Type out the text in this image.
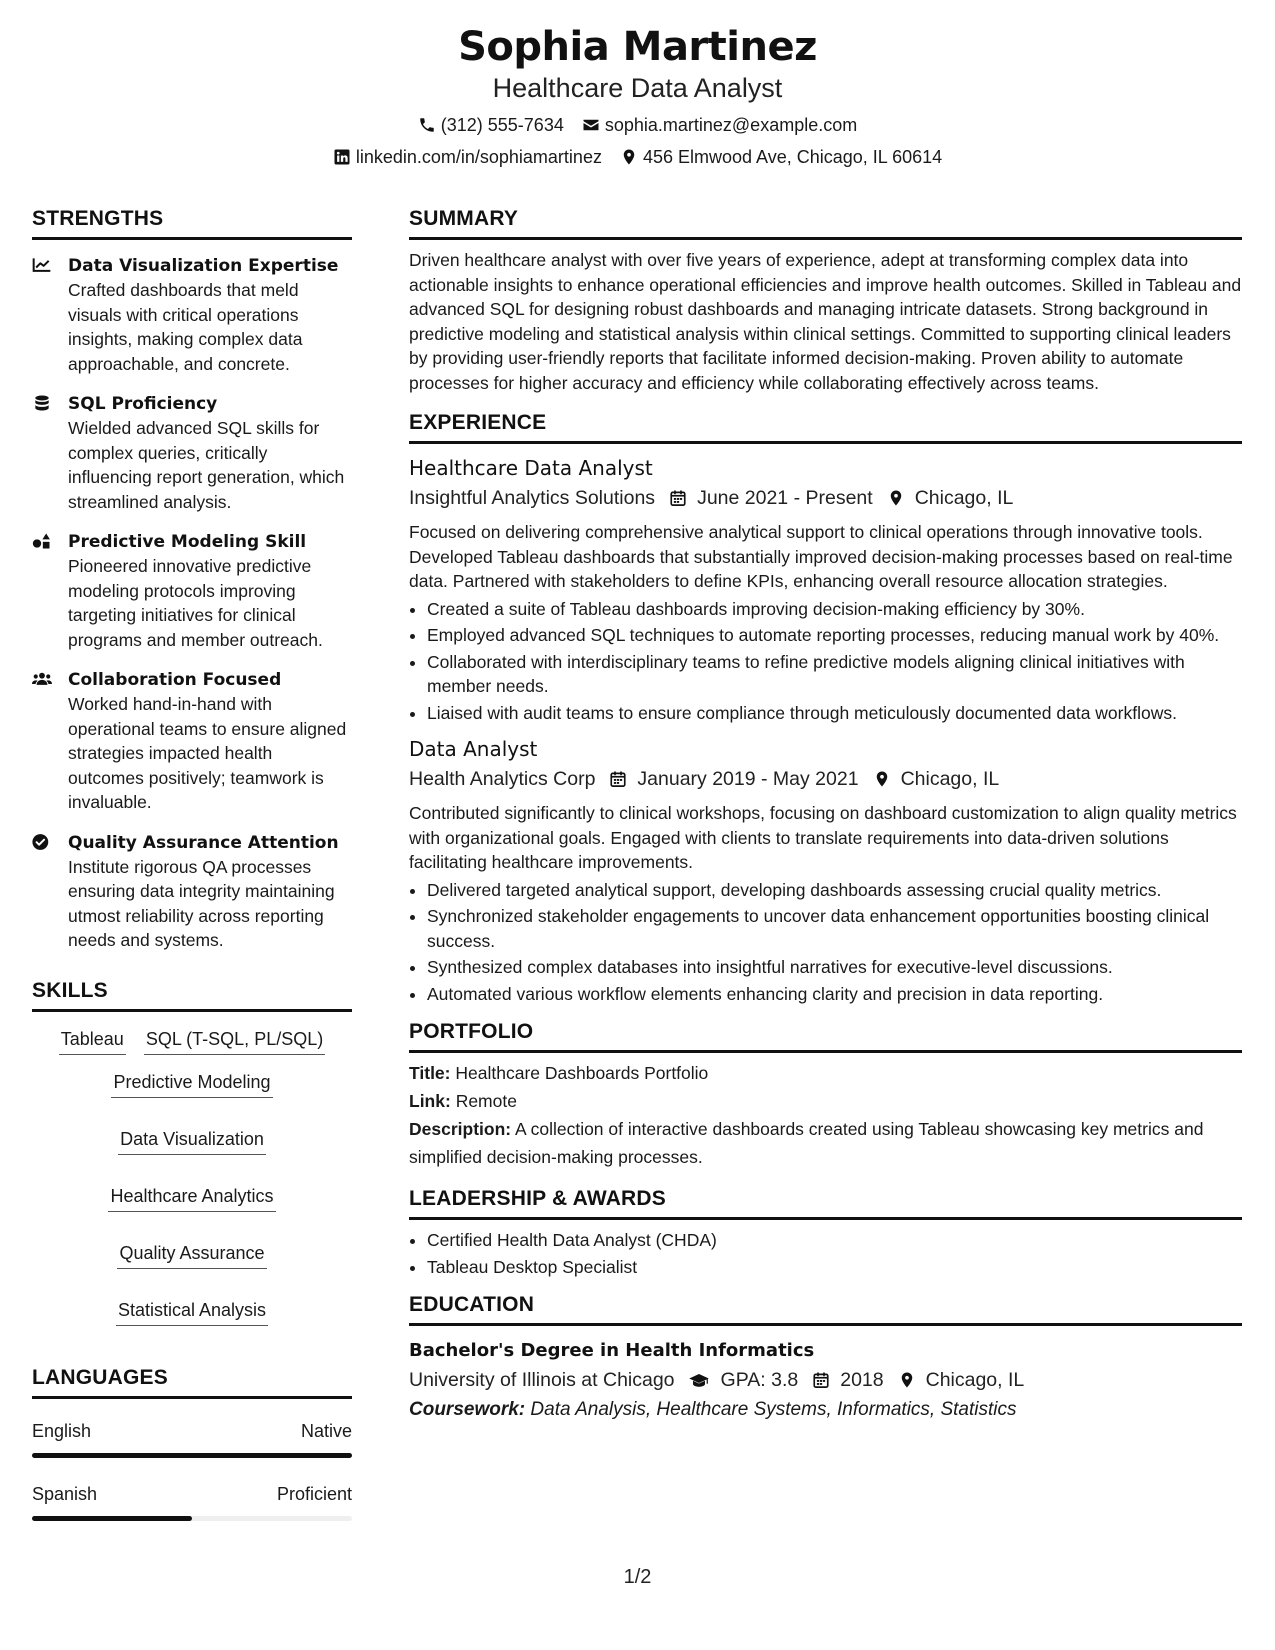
Sophia Martinez
Healthcare Data Analyst
(312) 555-7634 sophia.martinez@example.com
linkedin.com/in/sophiamartinez 456 Elmwood Ave, Chicago, IL 60614
STRENGTHS
Data Visualization Expertise
Crafted dashboards that meld visuals with critical operations insights, making complex data approachable, and concrete.
SQL Proficiency
Wielded advanced SQL skills for complex queries, critically influencing report generation, which streamlined analysis.
Predictive Modeling Skill
Pioneered innovative predictive modeling protocols improving targeting initiatives for clinical programs and member outreach.
Collaboration Focused
Worked hand-in-hand with operational teams to ensure aligned strategies impacted health outcomes positively; teamwork is invaluable.
Quality Assurance Attention
Institute rigorous QA processes ensuring data integrity maintaining utmost reliability across reporting needs and systems.
SKILLS
Tableau SQL (T-SQL, PL/SQL)
Predictive Modeling
Data Visualization
Healthcare Analytics
Quality Assurance
Statistical Analysis
LANGUAGES
English	Native
Spanish	Proficient
SUMMARY
Driven healthcare analyst with over five years of experience, adept at transforming complex data into actionable insights to enhance operational efficiencies and improve health outcomes. Skilled in Tableau and advanced SQL for designing robust dashboards and managing intricate datasets. Strong background in predictive modeling and statistical analysis within clinical settings. Committed to supporting clinical leaders by providing user-friendly reports that facilitate informed decision-making. Proven ability to automate processes for higher accuracy and efficiency while collaborating effectively across teams.
EXPERIENCE
Healthcare Data Analyst
Insightful Analytics Solutions June 2021 - Present Chicago, IL
Focused on delivering comprehensive analytical support to clinical operations through innovative tools. Developed Tableau dashboards that substantially improved decision-making processes based on real-time data. Partnered with stakeholders to define KPIs, enhancing overall resource allocation strategies.
• Created a suite of Tableau dashboards improving decision-making efficiency by 30%.
• Employed advanced SQL techniques to automate reporting processes, reducing manual work by 40%.
• Collaborated with interdisciplinary teams to refine predictive models aligning clinical initiatives with member needs.
• Liaised with audit teams to ensure compliance through meticulously documented data workflows.
Data Analyst
Health Analytics Corp January 2019 - May 2021 Chicago, IL
Contributed significantly to clinical workshops, focusing on dashboard customization to align quality metrics with organizational goals. Engaged with clients to translate requirements into data-driven solutions facilitating healthcare improvements.
• Delivered targeted analytical support, developing dashboards assessing crucial quality metrics.
• Synchronized stakeholder engagements to uncover data enhancement opportunities boosting clinical success.
• Synthesized complex databases into insightful narratives for executive-level discussions.
• Automated various workflow elements enhancing clarity and precision in data reporting.
PORTFOLIO
Title: Healthcare Dashboards Portfolio
Link: Remote
Description: A collection of interactive dashboards created using Tableau showcasing key metrics and simplified decision-making processes.
LEADERSHIP & AWARDS
• Certified Health Data Analyst (CHDA)
• Tableau Desktop Specialist
EDUCATION
Bachelor's Degree in Health Informatics
University of Illinois at Chicago GPA: 3.8 2018 Chicago, IL
Coursework: Data Analysis, Healthcare Systems, Informatics, Statistics
1/2
